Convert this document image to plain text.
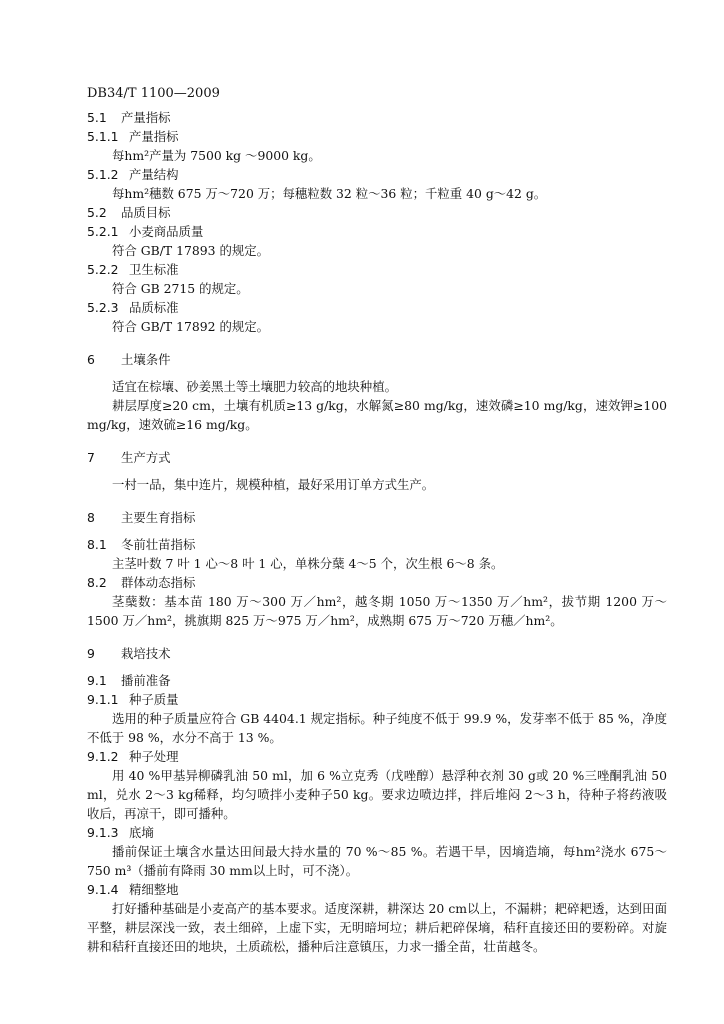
DB34/T 1100—2009
5.1 产量指标
5.1.1 产量指标
每hm²产量为 7500 kg ～9000 kg。
5.1.2 产量结构
每hm²穗数 675 万～720 万；每穗粒数 32 粒～36 粒；千粒重 40 g～42 g。
5.2 品质目标
5.2.1 小麦商品质量
符合 GB/T 17893 的规定。
5.2.2 卫生标准
符合 GB 2715 的规定。
5.2.3 品质标准
符合 GB/T 17892 的规定。
6 土壤条件
适宜在棕壤、砂姜黑土等土壤肥力较高的地块种植。
耕层厚度≥20 cm，土壤有机质≥13 g/kg，水解氮≥80 mg/kg，速效磷≥10 mg/kg，速效钾≥100 mg/kg，速效硫≥16 mg/kg。
7 生产方式
一村一品，集中连片，规模种植，最好采用订单方式生产。
8 主要生育指标
8.1 冬前壮苗指标
主茎叶数 7 叶 1 心～8 叶 1 心，单株分蘖 4～5 个，次生根 6～8 条。
8.2 群体动态指标
茎蘖数：基本苗 180 万～300 万／hm²，越冬期 1050 万～1350 万／hm²，拔节期 1200 万～1500 万／hm²，挑旗期 825 万～975 万／hm²，成熟期 675 万～720 万穗／hm²。
9 栽培技术
9.1 播前准备
9.1.1 种子质量
选用的种子质量应符合 GB 4404.1 规定指标。种子纯度不低于 99.9 %，发芽率不低于 85 %，净度不低于 98 %，水分不高于 13 %。
9.1.2 种子处理
用 40 %甲基异柳磷乳油 50 ml，加 6 %立克秀（戊唑醇）悬浮种衣剂 30 g或 20 %三唑酮乳油 50 ml，兑水 2～3 kg稀释，均匀喷拌小麦种子50 kg。要求边喷边拌，拌后堆闷 2～3 h，待种子将药液吸收后，再凉干，即可播种。
9.1.3 底墒
播前保证土壤含水量达田间最大持水量的 70 %～85 %。若遇干旱，因墒造墒，每hm²浇水 675～750 m³（播前有降雨 30 mm以上时，可不浇）。
9.1.4 精细整地
打好播种基础是小麦高产的基本要求。适度深耕，耕深达 20 cm以上，不漏耕；耙碎耙透，达到田面平整，耕层深浅一致，表土细碎，上虚下实，无明暗坷垃；耕后耙碎保墒，秸秆直接还田的要粉碎。对旋耕和秸秆直接还田的地块，土质疏松，播种后注意镇压，力求一播全苗，壮苗越冬。
